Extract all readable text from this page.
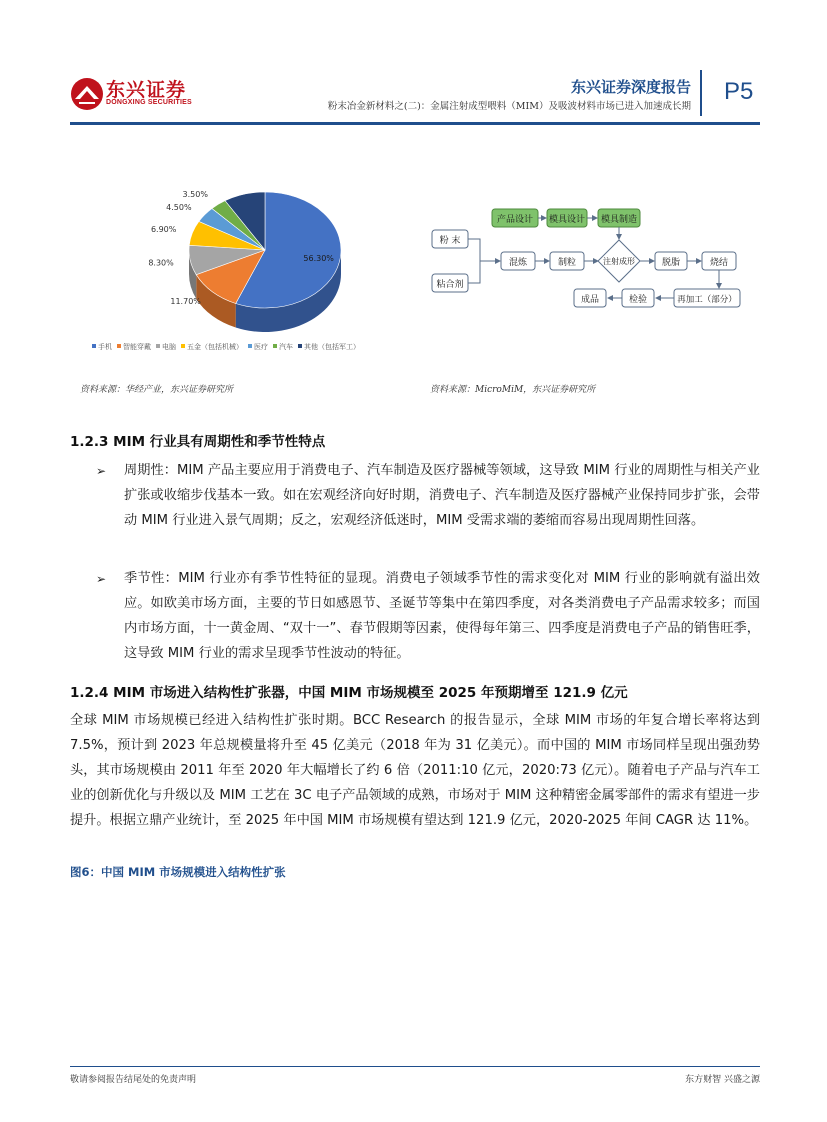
东兴证券
DONGXING SECURITIES
东兴证券深度报告
粉末冶金新材料之(二)：金属注射成型喂料（MIM）及吸波材料市场已进入加速成长期
P5
56.30%
11.70%
8.30%
6.90%
4.50%
3.50%
手机 智能穿戴 电脑 五金（包括机械） 医疗 汽车 其他（包括军工）
产品设计 模具设计 模具制造
粉 末
粘合剂
混炼	制粒	注射成形	脱脂	烧结
再加工（部分）
检验
成品
资料来源：华经产业，东兴证券研究所	资料来源：MicroMiM，东兴证券研究所
1.2.3 MIM 行业具有周期性和季节性特点
➢	周期性：MIM 产品主要应用于消费电子、汽车制造及医疗器械等领域，这导致 MIM 行业的周期性与相关产业扩张或收缩步伐基本一致。如在宏观经济向好时期，消费电子、汽车制造及医疗器械产业保持同步扩张，会带动 MIM 行业进入景气周期；反之，宏观经济低迷时，MIM 受需求端的萎缩而容易出现周期性回落。
➢	季节性：MIM 行业亦有季节性特征的显现。消费电子领域季节性的需求变化对 MIM 行业的影响就有溢出效应。如欧美市场方面，主要的节日如感恩节、圣诞节等集中在第四季度，对各类消费电子产品需求较多；而国内市场方面，十一黄金周、“双十一”、春节假期等因素，使得每年第三、四季度是消费电子产品的销售旺季，这导致 MIM 行业的需求呈现季节性波动的特征。
1.2.4 MIM 市场进入结构性扩张器，中国 MIM 市场规模至 2025 年预期增至 121.9 亿元
全球 MIM 市场规模已经进入结构性扩张时期。BCC Research 的报告显示，全球 MIM 市场的年复合增长率将达到 7.5%，预计到 2023 年总规模量将升至 45 亿美元（2018 年为 31 亿美元）。而中国的 MIM 市场同样呈现出强劲势头，其市场规模由 2011 年至 2020 年大幅增长了约 6 倍（2011:10 亿元，2020:73 亿元）。随着电子产品与汽车工业的创新优化与升级以及 MIM 工艺在 3C 电子产品领域的成熟，市场对于 MIM 这种精密金属零部件的需求有望进一步提升。根据立鼎产业统计，至 2025 年中国 MIM 市场规模有望达到 121.9 亿元，2020-2025 年间 CAGR 达 11%。
图6：中国 MIM 市场规模进入结构性扩张
敬请参阅报告结尾处的免责声明	东方财智 兴盛之源
